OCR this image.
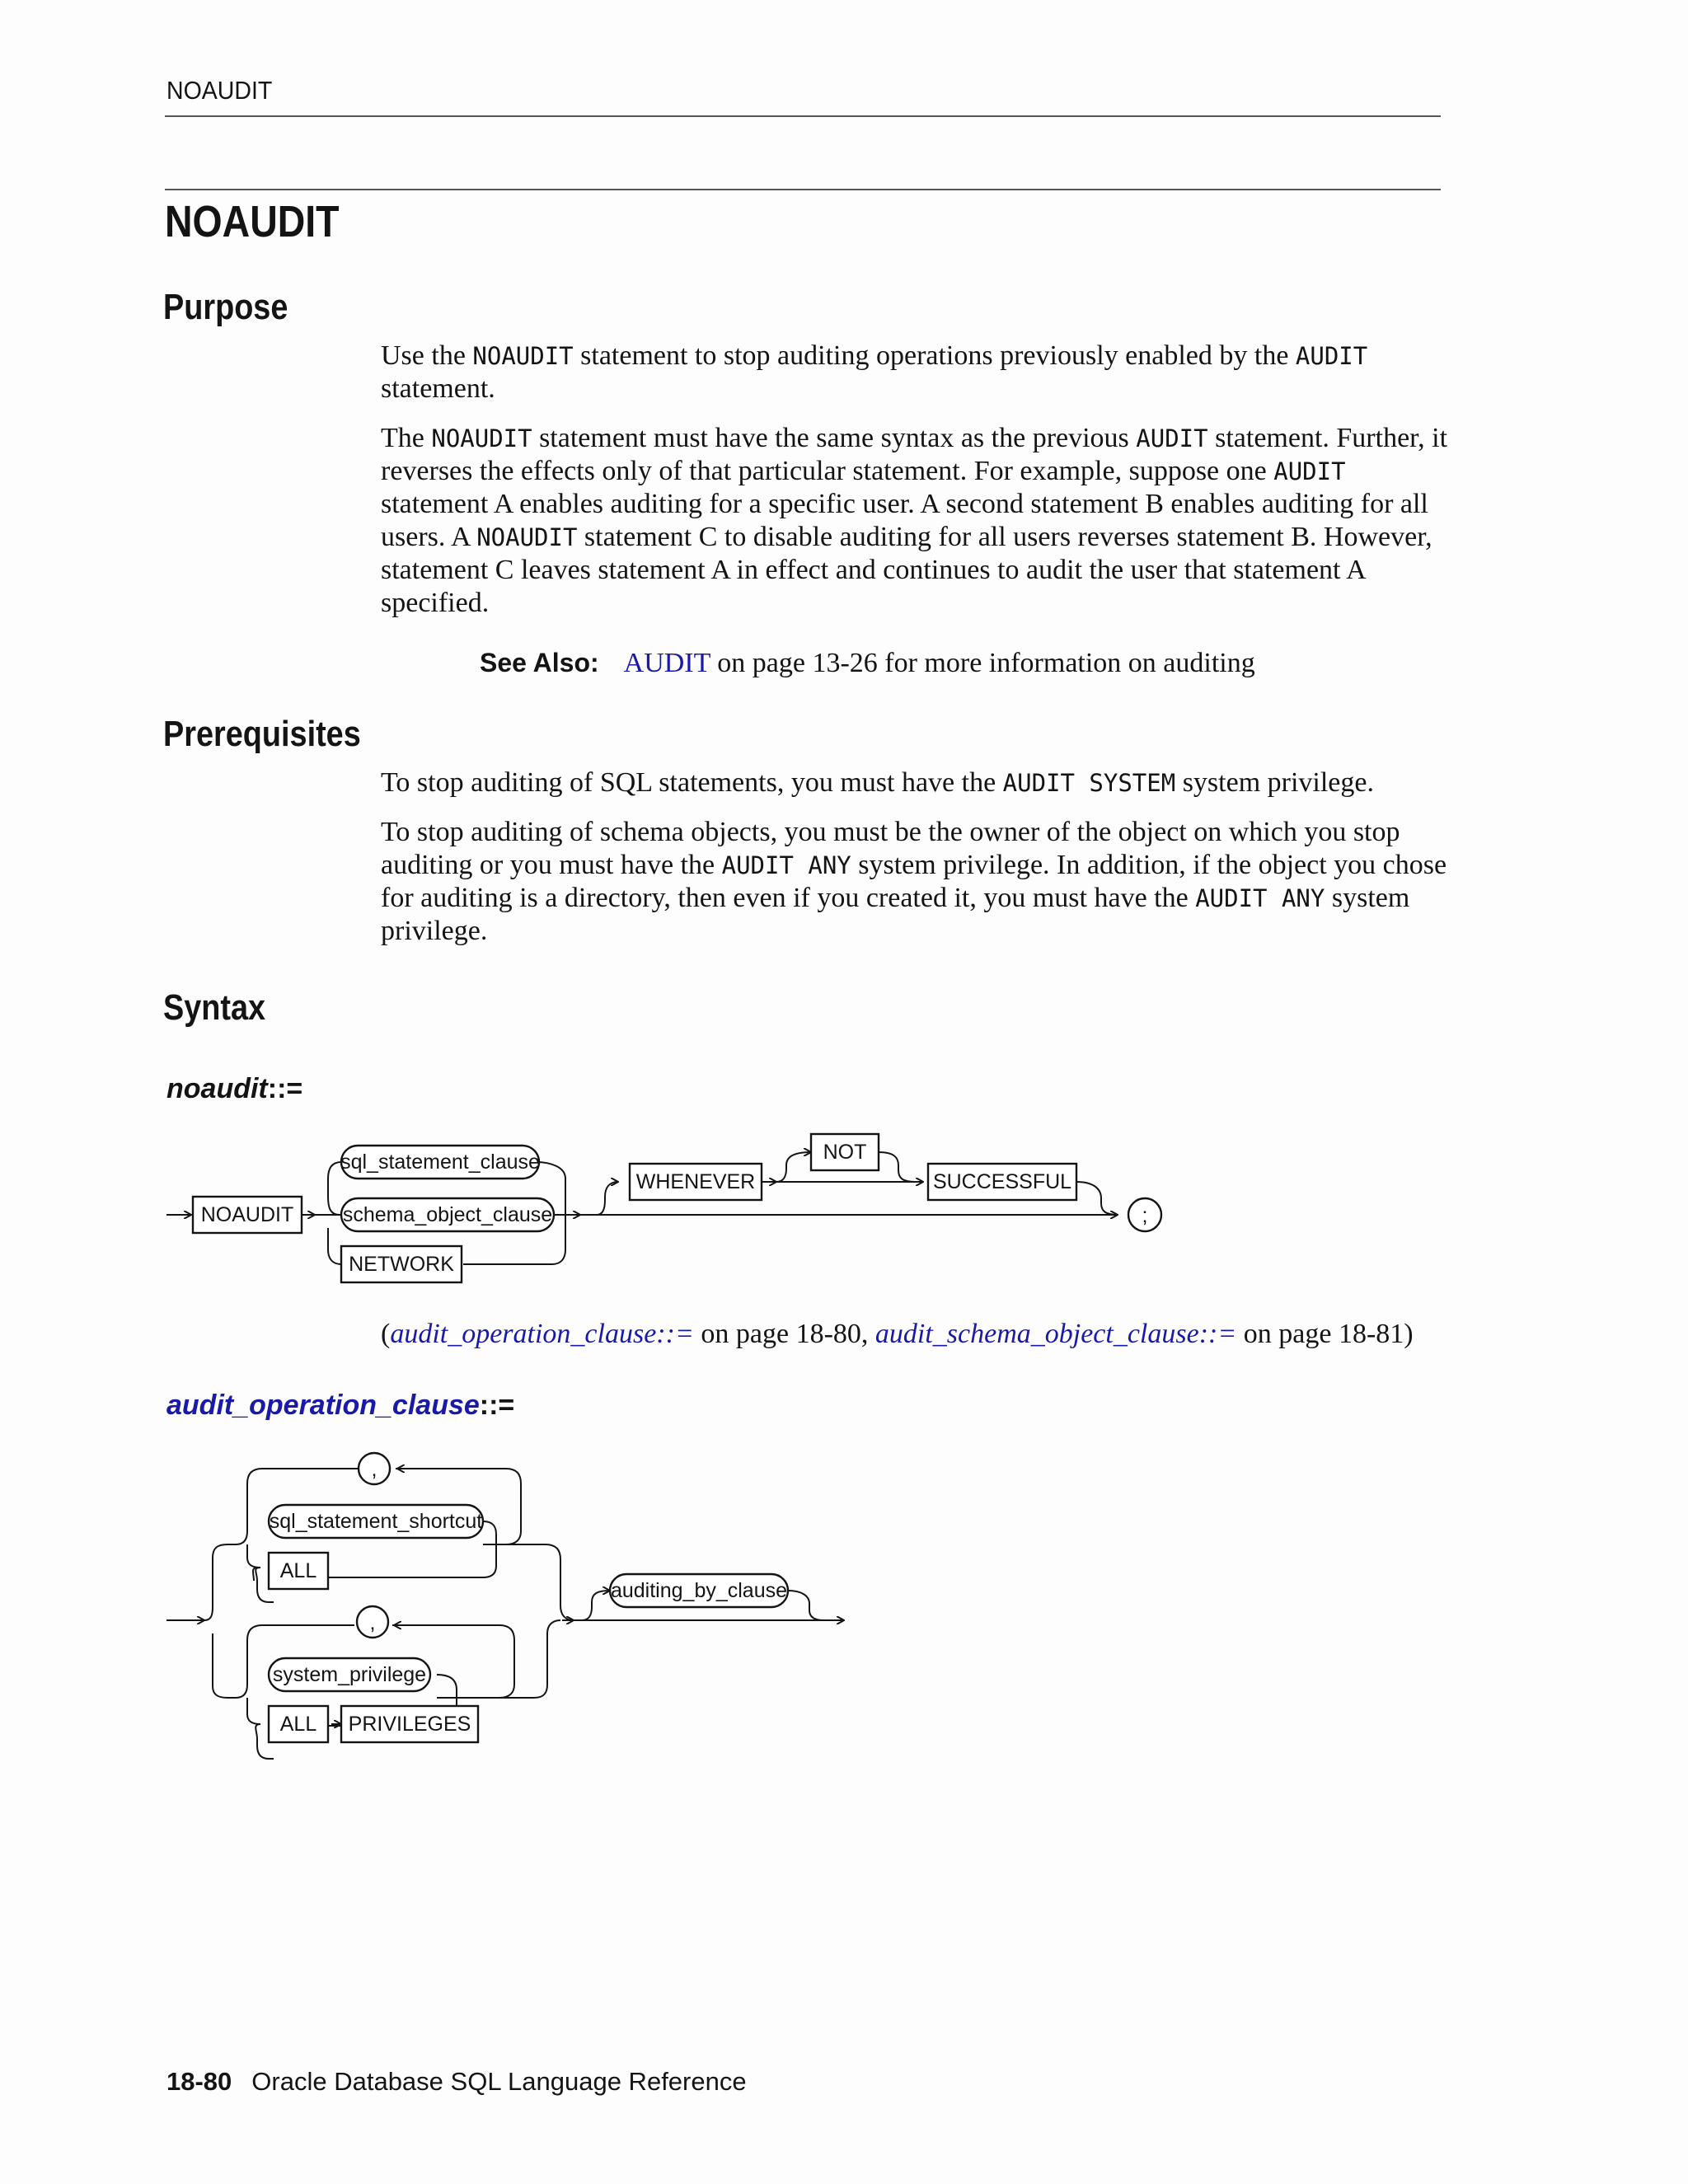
NOAUDIT
NOAUDIT
Purpose

Use the NOAUDIT statement to stop auditing operations previously enabled by the AUDIT statement.

The NOAUDIT statement must have the same syntax as the previous AUDIT statement. Further, it reverses the effects only of that particular statement. For example, suppose one AUDIT statement A enables auditing for a specific user. A second statement B enables auditing for all users. A NOAUDIT statement C to disable auditing for all users reverses statement B. However, statement C leaves statement A in effect and continues to audit the user that statement A specified.

See Also: AUDIT on page 13-26 for more information on auditing
Prerequisites

To stop auditing of SQL statements, you must have the AUDIT SYSTEM system privilege.

To stop auditing of schema objects, you must be the owner of the object on which you stop auditing or you must have the AUDIT ANY system privilege. In addition, if the object you chose for auditing is a directory, then even if you created it, you must have the AUDIT ANY system privilege.

Syntax
noaudit::=
NOAUDIT
sql_statement_clause
schema_object_clause
NETWORK
WHENEVER
NOT
SUCCESSFUL
;
,
sql_statement_shortcut
ALL
auditing_by_clause
,
system_privilege
ALL PRIVILEGES
(audit_operation_clause::= on page 18-80, audit_schema_object_clause::= on page 18-81)
audit_operation_clause::=
18-80 Oracle Database SQL Language Reference
